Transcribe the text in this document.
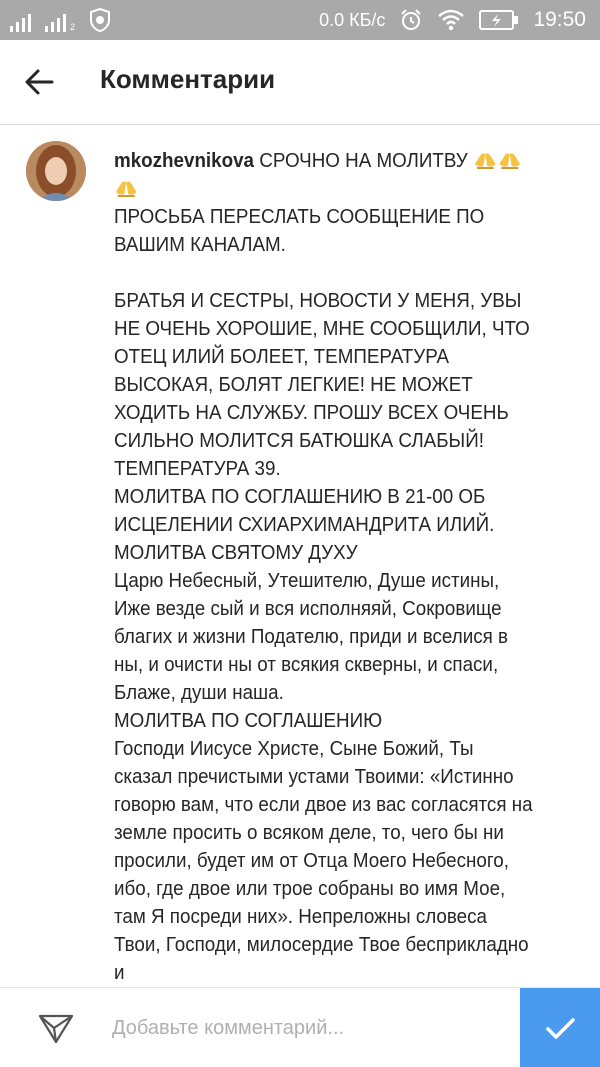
$_2$	0.0 КБ/с	19:50
Комментарии
mkozhevnikova СРОЧНО НА МОЛИТВУ
ПРОСЬБА ПЕРЕСЛАТЬ СООБЩЕНИЕ ПО ВАШИМ КАНАЛАМ.

БРАТЬЯ И СЕСТРЫ, НОВОСТИ У МЕНЯ, УВЫ НЕ ОЧЕНЬ ХОРОШИЕ, МНЕ СООБЩИЛИ, ЧТО ОТЕЦ ИЛИЙ БОЛЕЕТ, ТЕМПЕРАТУРА ВЫСОКАЯ, БОЛЯТ ЛЕГКИЕ! НЕ МОЖЕТ ХОДИТЬ НА СЛУЖБУ. ПРОШУ ВСЕХ ОЧЕНЬ СИЛЬНО МОЛИТСЯ БАТЮШКА СЛАБЫЙ! ТЕМПЕРАТУРА 39.
МОЛИТВА ПО СОГЛАШЕНИЮ В 21-00 ОБ ИСЦЕЛЕНИИ СХИАРХИМАНДРИТА ИЛИЙ.
МОЛИТВА СВЯТОМУ ДУХУ
Царю Небесный, Утешителю, Душе истины, Иже везде сый и вся исполняяй, Сокровище благих и жизни Подателю, приди и вселися в ны, и очисти ны от всякия скверны, и спаси, Блаже, души наша.
МОЛИТВА ПО СОГЛАШЕНИЮ
Господи Иисусе Христе, Сыне Божий, Ты сказал пречистыми устами Твоими: «Истинно говорю вам, что если двое из вас согласятся на земле просить о всяком деле, то, чего бы ни просили, будет им от Отца Моего Небесного, ибо, где двое или трое собраны во имя Мое, там Я посреди них». Непреложны словеса Твои, Господи, милосердие Твое бесприкладно и
Добавьте комментарий...
